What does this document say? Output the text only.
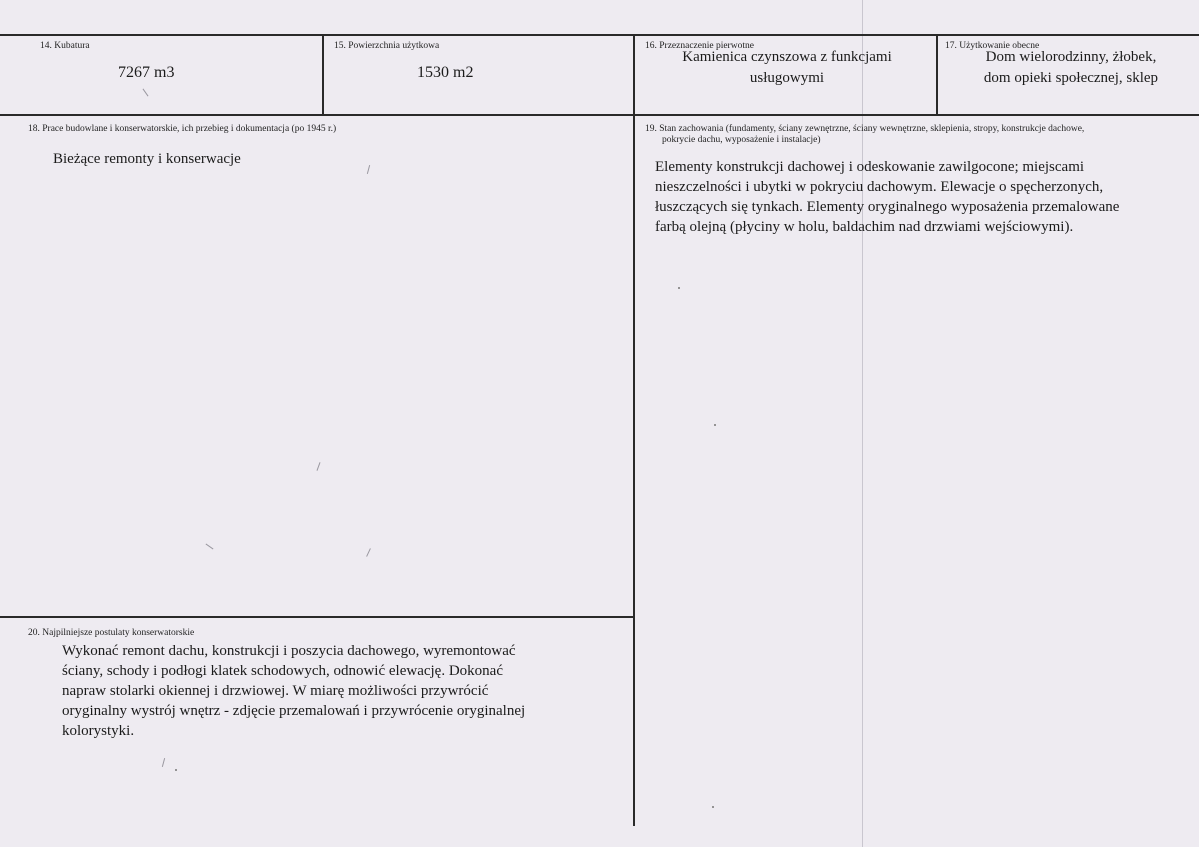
14. Kubatura
7267 m3
15. Powierzchnia użytkowa
1530 m2
16. Przeznaczenie pierwotne
Kamienica czynszowa z funkcjami
usługowymi
17. Użytkowanie obecne
Dom wielorodzinny, żłobek,
dom opieki społecznej, sklep
18. Prace budowlane i konserwatorskie, ich przebieg i dokumentacja (po 1945 r.)
Bieżące remonty i konserwacje
19. Stan zachowania (fundamenty, ściany zewnętrzne, ściany wewnętrzne, sklepienia, stropy, konstrukcje dachowe,
pokrycie dachu, wyposażenie i instalacje)
Elementy konstrukcji dachowej i odeskowanie zawilgocone; miejscami
nieszczelności i ubytki w pokryciu dachowym. Elewacje o spęcherzonych,
łuszczących się tynkach. Elementy oryginalnego wyposażenia przemalowane
farbą olejną (płyciny w holu, baldachim nad drzwiami wejściowymi).
20. Najpilniejsze postulaty konserwatorskie
Wykonać remont dachu, konstrukcji i poszycia dachowego, wyremontować
ściany, schody i podłogi klatek schodowych, odnowić elewację. Dokonać
napraw stolarki okiennej i drzwiowej. W miarę możliwości przywrócić
oryginalny wystrój wnętrz - zdjęcie przemalowań i przywrócenie oryginalnej
kolorystyki.
